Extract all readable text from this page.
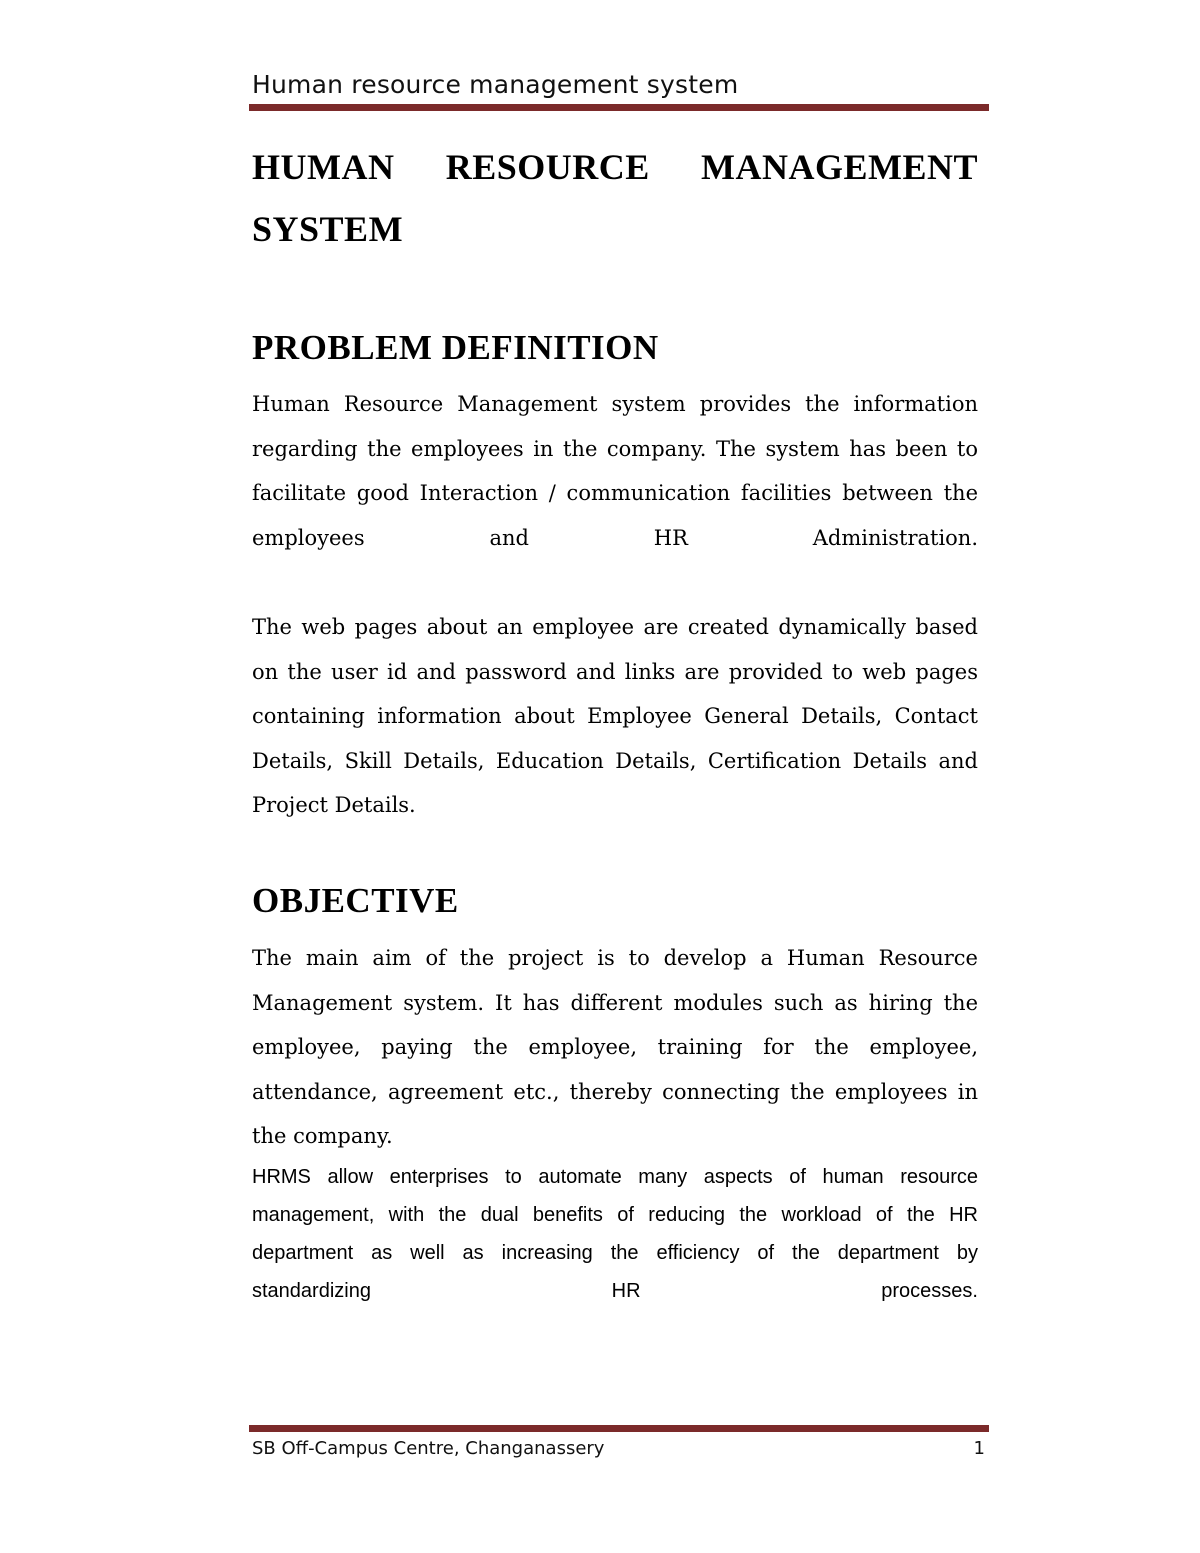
Human resource management system
HUMAN RESOURCE MANAGEMENT SYSTEM
PROBLEM DEFINITION
Human Resource Management system provides the information regarding the employees in the company. The system has been to facilitate good Interaction / communication facilities between the employees and HR Administration.
The web pages about an employee are created dynamically based on the user id and password and links are provided to web pages containing information about Employee General Details, Contact Details, Skill Details, Education Details, Certification Details and Project Details.
OBJECTIVE
The main aim of the project is to develop a Human Resource Management system. It has different modules such as hiring the employee, paying the employee, training for the employee, attendance, agreement etc., thereby connecting the employees in the company.
HRMS allow enterprises to automate many aspects of human resource management, with the dual benefits of reducing the workload of the HR department as well as increasing the efficiency of the department by standardizing HR processes.
SB Off-Campus Centre, Changanassery	1
